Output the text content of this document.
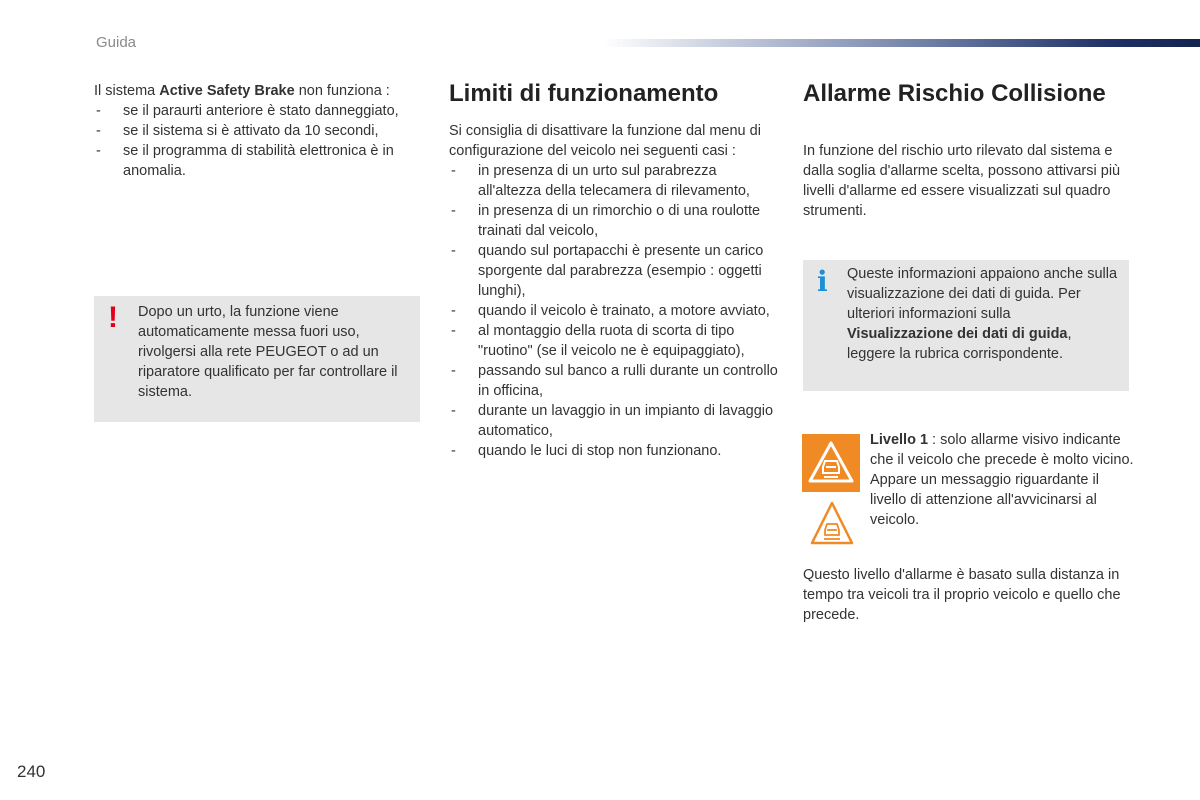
Guida

Il sistema Active Safety Brake non funziona :

- se il paraurti anteriore è stato danneggiato,
- se il sistema si è attivato da 10 secondi,
- se il programma di stabilità elettronica è in anomalia.
! Dopo un urto, la funzione viene automaticamente messa fuori uso, rivolgersi alla rete PEUGEOT o ad un riparatore qualificato per far controllare il sistema.

Limiti di funzionamento

Si consiglia di disattivare la funzione dal menu di configurazione del veicolo nei seguenti casi :

- in presenza di un urto sul parabrezza all'altezza della telecamera di rilevamento,
- in presenza di un rimorchio o di una roulotte trainati dal veicolo,
- quando sul portapacchi è presente un carico sporgente dal parabrezza (esempio : oggetti lunghi),
- quando il veicolo è trainato, a motore avviato,
- al montaggio della ruota di scorta di tipo "ruotino" (se il veicolo ne è equipaggiato),
- passando sul banco a rulli durante un controllo in officina,
- durante un lavaggio in un impianto di lavaggio automatico,
- quando le luci di stop non funzionano.
Allarme Rischio Collisione

In funzione del rischio urto rilevato dal sistema e dalla soglia d'allarme scelta, possono attivarsi più livelli d'allarme ed essere visualizzati sul quadro strumenti.

i Queste informazioni appaiono anche sulla visualizzazione dei dati di guida. Per ulteriori informazioni sulla Visualizzazione dei dati di guida, leggere la rubrica corrispondente.

Livello 1 : solo allarme visivo indicante che il veicolo che precede è molto vicino.

Appare un messaggio riguardante il livello di attenzione all'avvicinarsi al veicolo.

Questo livello d'allarme è basato sulla distanza in tempo tra veicoli tra il proprio veicolo e quello che precede.

240
